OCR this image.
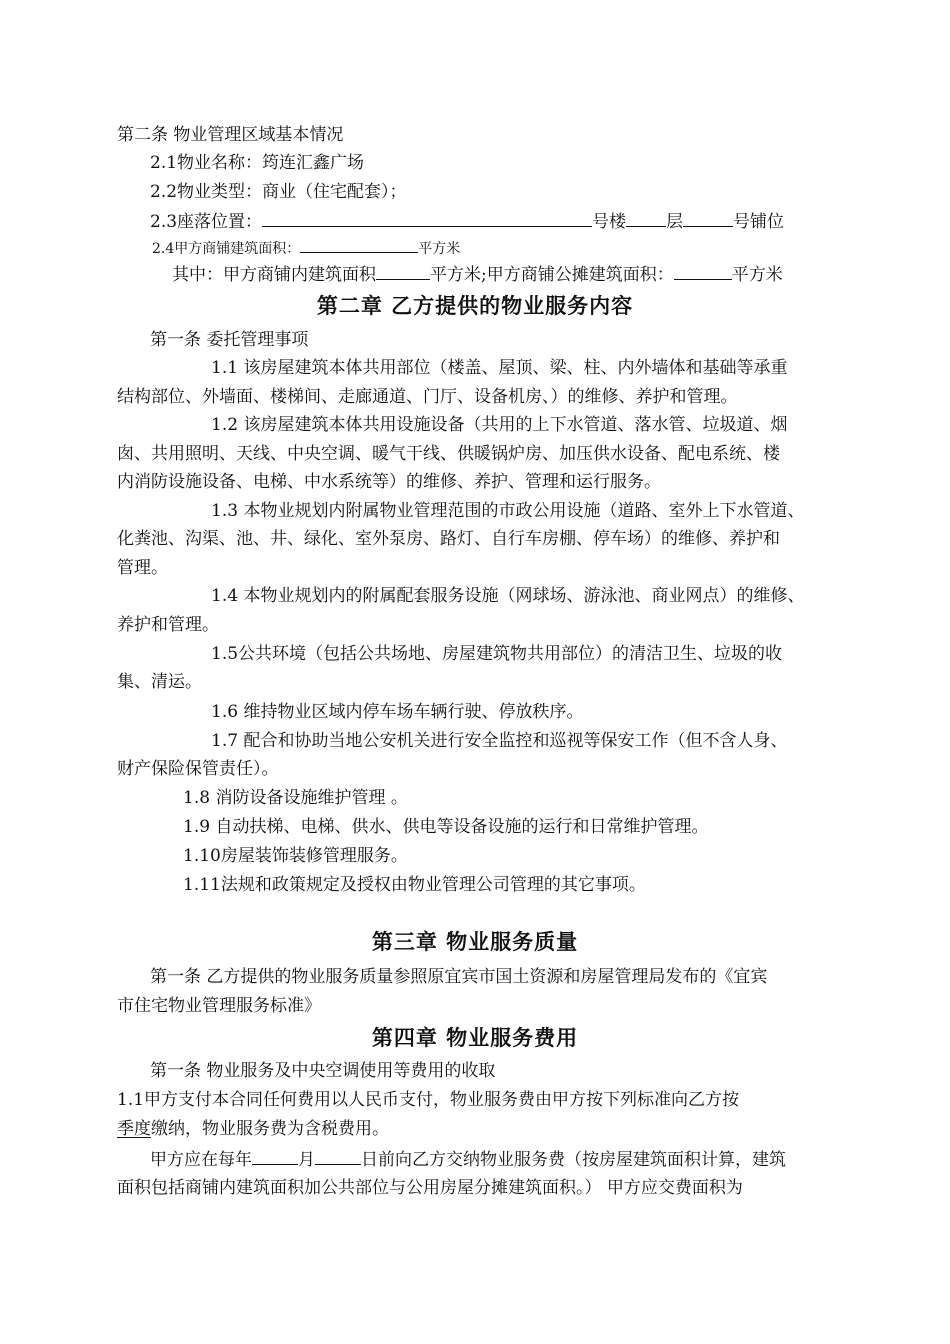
第二条 物业管理区域基本情况
2.1物业名称：筠连汇鑫广场
2.2物业类型：商业（住宅配套）；
2.3座落位置：	号楼 层	号铺位
2.4甲方商铺建筑面积：	平方米
其中：甲方商铺内建筑面积	平方米;甲方商铺公摊建筑面积：	平方米
第二章 乙方提供的物业服务内容
第一条 委托管理事项
1.1 该房屋建筑本体共用部位（楼盖、屋顶、梁、柱、内外墙体和基础等承重
结构部位、外墙面、楼梯间、走廊通道、门厅、设备机房、）的维修、养护和管理。
1.2 该房屋建筑本体共用设施设备（共用的上下水管道、落水管、垃圾道、烟
囱、共用照明、天线、中央空调、暖气干线、供暖锅炉房、加压供水设备、配电系统、楼
内消防设施设备、电梯、中水系统等）的维修、养护、管理和运行服务。
1.3 本物业规划内附属物业管理范围的市政公用设施（道路、室外上下水管道、
化粪池、沟渠、池、井、绿化、室外泵房、路灯、自行车房棚、停车场）的维修、养护和
管理。
1.4 本物业规划内的附属配套服务设施（网球场、游泳池、商业网点）的维修、
养护和管理。
1.5公共环境（包括公共场地、房屋建筑物共用部位）的清洁卫生、垃圾的收
集、清运。
1.6 维持物业区域内停车场车辆行驶、停放秩序。
1.7 配合和协助当地公安机关进行安全监控和巡视等保安工作（但不含人身、
财产保险保管责任）。
1.8 消防设备设施维护管理 。
1.9 自动扶梯、电梯、供水、供电等设备设施的运行和日常维护管理。
1.10房屋装饰装修管理服务。
1.11法规和政策规定及授权由物业管理公司管理的其它事项。
第三章 物业服务质量
第一条 乙方提供的物业服务质量参照原宜宾市国土资源和房屋管理局发布的《宜宾
市住宅物业管理服务标准》
第四章 物业服务费用
第一条 物业服务及中央空调使用等费用的收取
1.1甲方支付本合同任何费用以人民币支付，物业服务费由甲方按下列标准向乙方按
季度缴纳，物业服务费为含税费用。
甲方应在每年	月	日前向乙方交纳物业服务费（按房屋建筑面积计算，建筑
面积包括商铺内建筑面积加公共部位与公用房屋分摊建筑面积。） 甲方应交费面积为
